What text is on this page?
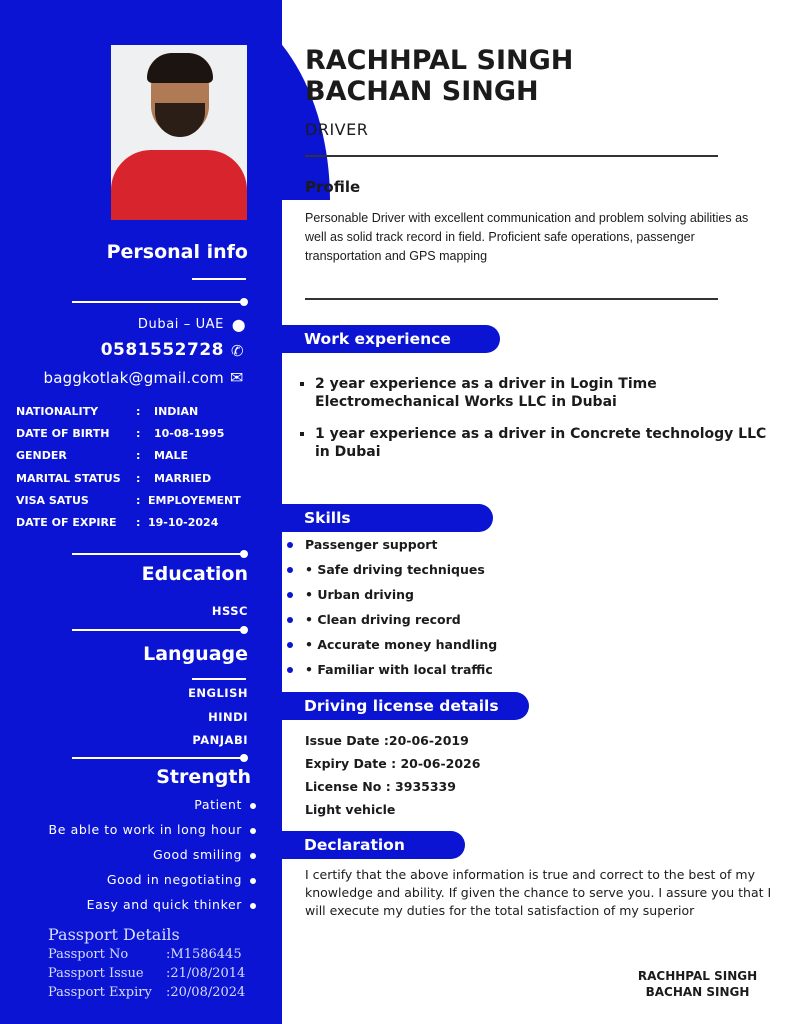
Personal info
Dubai – UAE ⬤
0581552728 ✆
baggkotlak@gmail.com ✉
NATIONALITY	:	INDIAN
DATE OF BIRTH	:	10-08-1995
GENDER	:	MALE
MARITAL STATUS	:	MARRIED
VISA SATUS	: EMPLOYEMENT
DATE OF EXPIRE	: 19-10-2024
Education
HSSC
Language
ENGLISH
HINDI
PANJABI
Strength
Patient
Be able to work in long hour
Good smiling
Good in negotiating
Easy and quick thinker
Passport Details
Passport No	:M1586445
Passport Issue :21/08/2014
Passport Expiry :20/08/2024
RACHHPAL SINGH
BACHAN SINGH
DRIVER
Profile
Personable Driver with excellent communication and problem solving abilities as well as solid track record in field. Proficient safe operations, passenger transportation and GPS mapping
Work experience
▪ 2 year experience as a driver in Login Time Electromechanical Works LLC in Dubai
▪ 1 year experience as a driver in Concrete technology LLC in Dubai
Skills
Passenger support
• Safe driving techniques
• Urban driving
• Clean driving record
• Accurate money handling
• Familiar with local traffic
Driving license details
Issue Date :20-06-2019
Expiry Date : 20-06-2026
License No : 3935339
Light vehicle
Declaration
I certify that the above information is true and correct to the best of my knowledge and ability. If given the chance to serve you. I assure you that I will execute my duties for the total satisfaction of my superior
RACHHPAL SINGH
BACHAN SINGH
